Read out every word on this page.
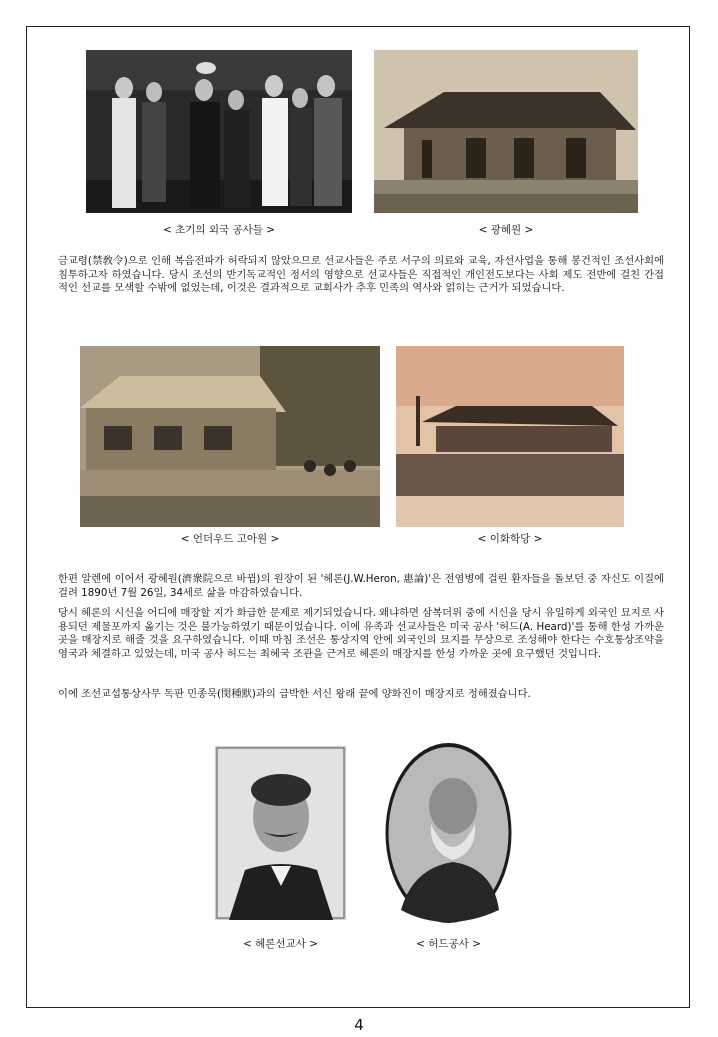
< 초기의 외국 공사들 >	< 광혜원 >

금교령(禁敎令)으로 인해 복음전파가 허락되지 않았으므로 선교사들은 주로 서구의 의료와 교육, 자선사업을 통해 봉건적인 조선사회에 침투하고자 하였습니다. 당시 조선의 반기독교적인 정서의 영향으로 선교사들은 직접적인 개인전도보다는 사회 제도 전반에 걸친 간접적인 선교를 모색할 수밖에 없었는데, 이것은 결과적으로 교회사가 추후 민족의 역사와 얽히는 근거가 되었습니다.

< 언더우드 고아원 >	< 이화학당 >

한편 알렌에 이어서 광혜원(濟衆院으로 바뀜)의 원장이 된 '헤론(J.W.Heron, 惠論)'은 전염병에 걸린 환자들을 돌보던 중 자신도 이질에 걸려 1890년 7월 26일, 34세로 삶을 마감하였습니다.

당시 헤론의 시신을 어디에 매장할 지가 화급한 문제로 제기되었습니다. 왜냐하면 삼복더위 중에 시신을 당시 유일하게 외국인 묘지로 사용되던 제물포까지 옮기는 것은 불가능하였기 때문이었습니다. 이에 유족과 선교사들은 미국 공사 '허드(A. Heard)'를 통해 한성 가까운 곳을 매장지로 해줄 것을 요구하였습니다. 이때 마침 조선은 통상지역 안에 외국인의 묘지를 무상으로 조성해야 한다는 수호통상조약을 영국과 체결하고 있었는데, 미국 공사 허드는 최혜국 조관을 근거로 헤론의 매장지를 한성 가까운 곳에 요구했던 것입니다.

이에 조선교섭통상사무 독판 민종묵(閔種默)과의 급박한 서신 왕래 끝에 양화진이 매장지로 정해졌습니다.

< 헤론선교사 >	< 허드공사 >
4
